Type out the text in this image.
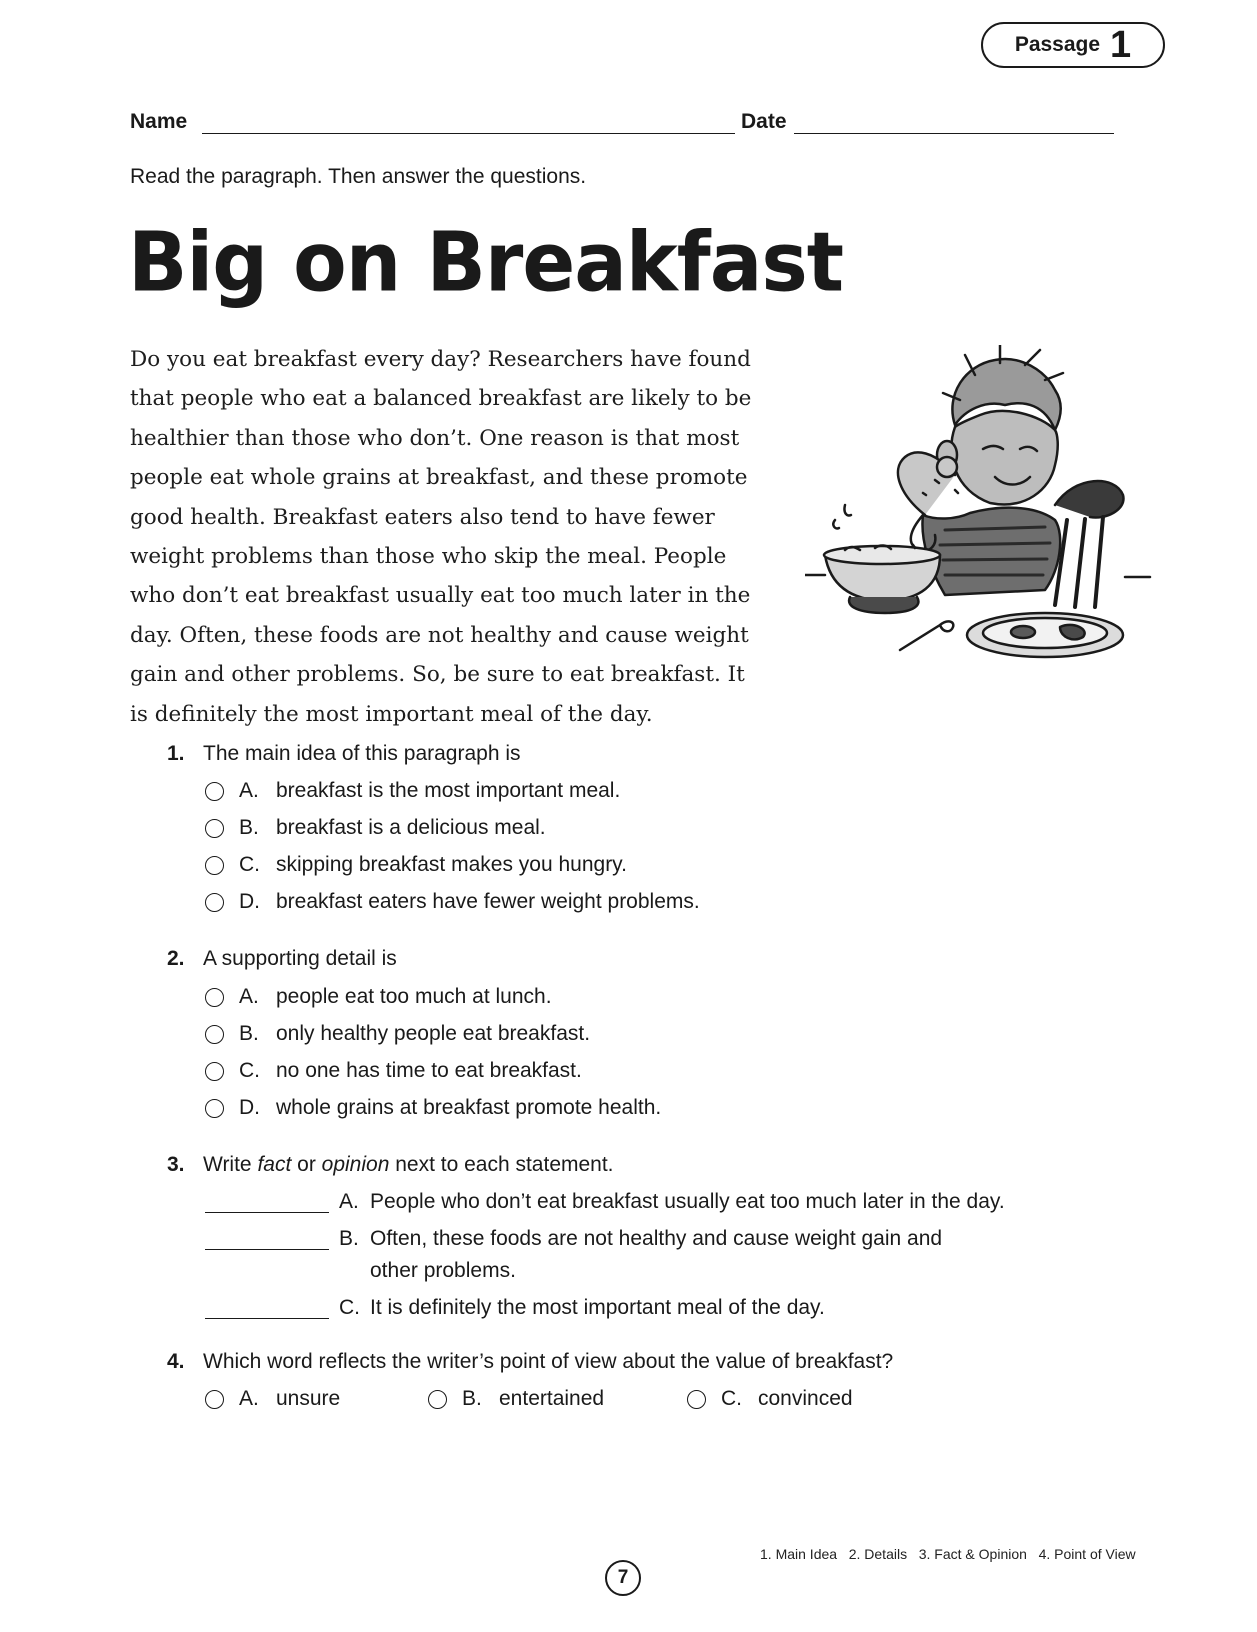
Passage 1
Name	Date
Read the paragraph. Then answer the questions.
Big on Breakfast
Do you eat breakfast every day? Researchers have found that people who eat a balanced breakfast are likely to be healthier than those who don’t. One reason is that most people eat whole grains at breakfast, and these promote good health. Breakfast eaters also tend to have fewer weight problems than those who skip the meal. People who don’t eat breakfast usually eat too much later in the day. Often, these foods are not healthy and cause weight gain and other problems. So, be sure to eat breakfast. It is definitely the most important meal of the day.
1. The main idea of this paragraph is
A. breakfast is the most important meal.
B. breakfast is a delicious meal.
C. skipping breakfast makes you hungry.
D. breakfast eaters have fewer weight problems.
2. A supporting detail is
A. people eat too much at lunch.
B. only healthy people eat breakfast.
C. no one has time to eat breakfast.
D. whole grains at breakfast promote health.
3. Write fact or opinion next to each statement.
A. People who don’t eat breakfast usually eat too much later in the day.
B. Often, these foods are not healthy and cause weight gain and
other problems.
C. It is definitely the most important meal of the day.
4. Which word reflects the writer’s point of view about the value of breakfast?
A. unsure	B. entertained	C. convinced
1. Main Idea   2. Details   3. Fact & Opinion   4. Point of View
7
